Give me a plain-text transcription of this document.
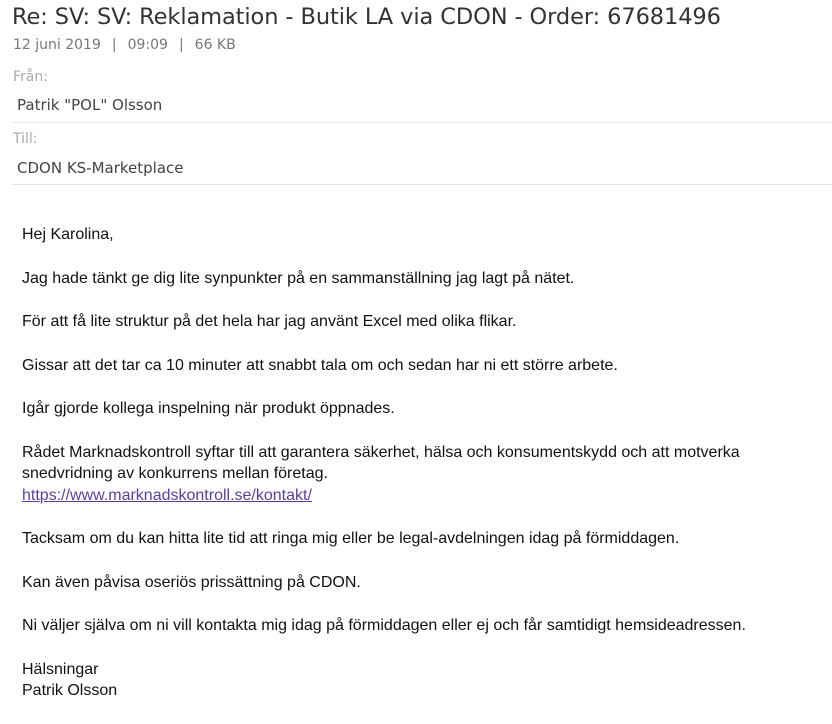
Re: SV: SV: Reklamation - Butik LA via CDON - Order: 67681496
12 juni 2019 | 09:09 | 66 KB
Från:
Patrik "POL" Olsson
Till:
CDON KS-Marketplace

Hej Karolina,

Jag hade tänkt ge dig lite synpunkter på en sammanställning jag lagt på nätet.

För att få lite struktur på det hela har jag använt Excel med olika flikar.

Gissar att det tar ca 10 minuter att snabbt tala om och sedan har ni ett större arbete.

Igår gjorde kollega inspelning när produkt öppnades.

Rådet Marknadskontroll syftar till att garantera säkerhet, hälsa och konsumentskydd och att motverka
snedvridning av konkurrens mellan företag.
https://www.marknadskontroll.se/kontakt/

Tacksam om du kan hitta lite tid att ringa mig eller be legal-avdelningen idag på förmiddagen.

Kan även påvisa oseriös prissättning på CDON.

Ni väljer själva om ni vill kontakta mig idag på förmiddagen eller ej och får samtidigt hemsideadressen.

Hälsningar
Patrik Olsson
